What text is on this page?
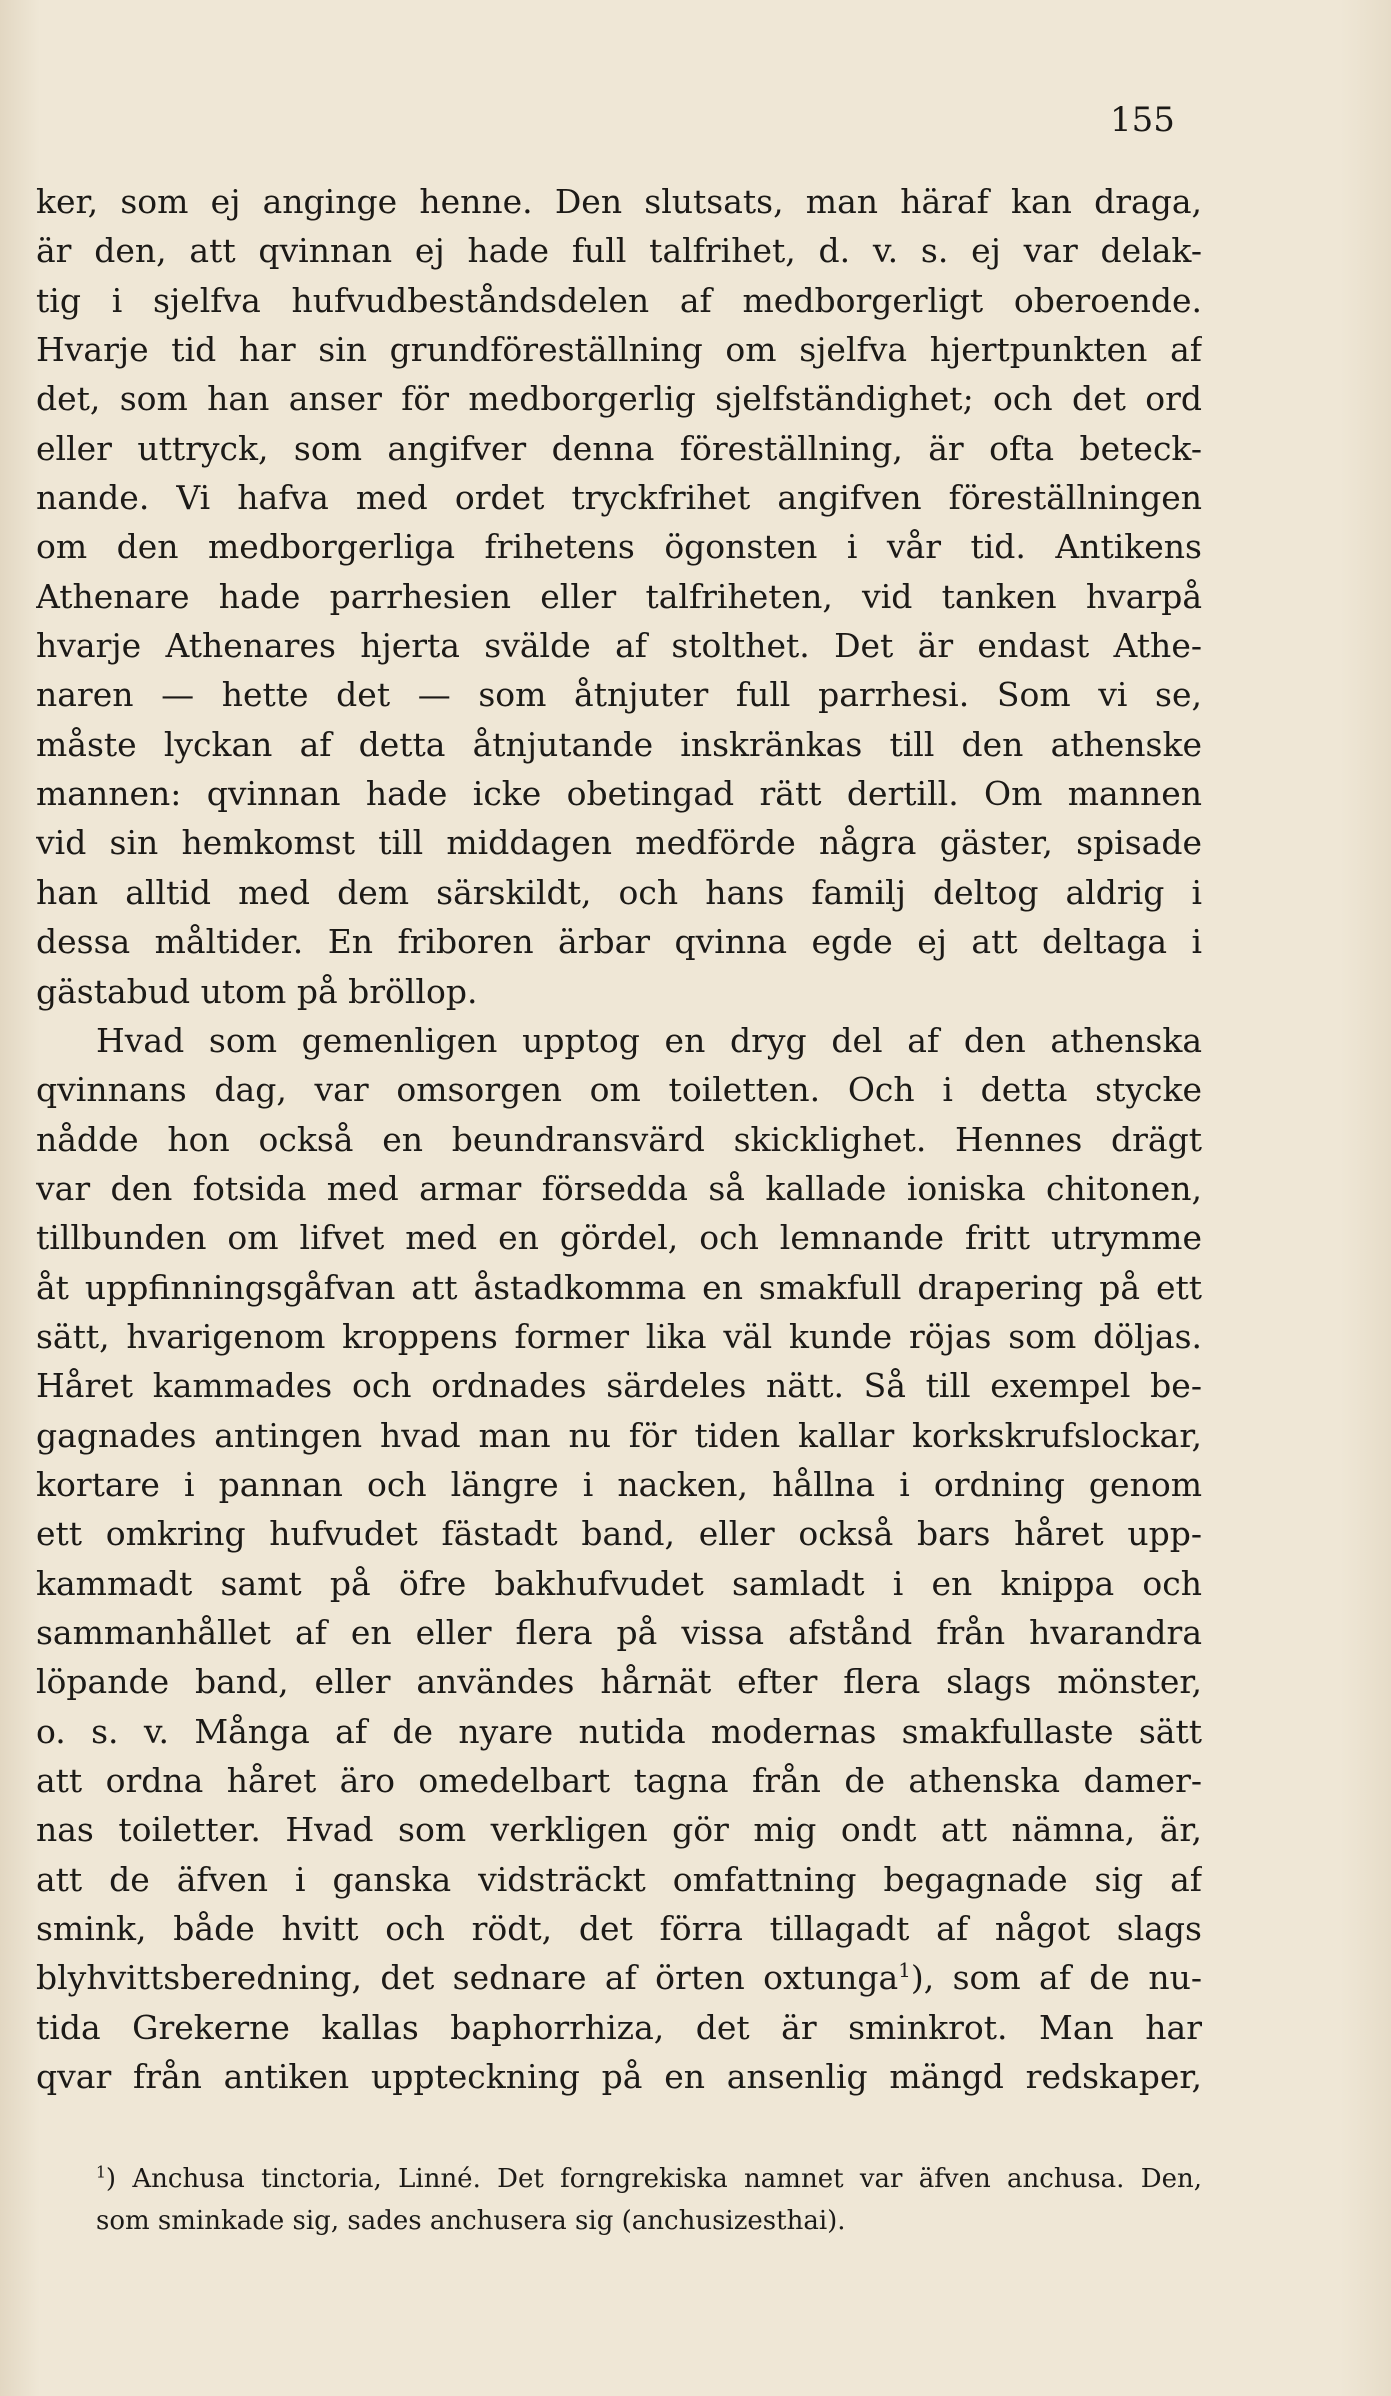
155
ker, som ej anginge henne. Den slutsats, man häraf kan draga,
är den, att qvinnan ej hade full talfrihet, d. v. s. ej var delak-
tig i sjelfva hufvudbeståndsdelen af medborgerligt oberoende.
Hvarje tid har sin grundföreställning om sjelfva hjertpunkten af
det, som han anser för medborgerlig sjelfständighet; och det ord
eller uttryck, som angifver denna föreställning, är ofta beteck-
nande. Vi hafva med ordet tryckfrihet angifven föreställningen
om den medborgerliga frihetens ögonsten i vår tid. Antikens
Athenare hade parrhesien eller talfriheten, vid tanken hvarpå
hvarje Athenares hjerta svälde af stolthet. Det är endast Athe-
naren — hette det — som åtnjuter full parrhesi. Som vi se,
måste lyckan af detta åtnjutande inskränkas till den athenske
mannen: qvinnan hade icke obetingad rätt dertill. Om mannen
vid sin hemkomst till middagen medförde några gäster, spisade
han alltid med dem särskildt, och hans familj deltog aldrig i
dessa måltider. En friboren ärbar qvinna egde ej att deltaga i
gästabud utom på bröllop.
Hvad som gemenligen upptog en dryg del af den athenska
qvinnans dag, var omsorgen om toiletten. Och i detta stycke
nådde hon också en beundransvärd skicklighet. Hennes drägt
var den fotsida med armar försedda så kallade ioniska chitonen,
tillbunden om lifvet med en gördel, och lemnande fritt utrymme
åt uppfinningsgåfvan att åstadkomma en smakfull drapering på ett
sätt, hvarigenom kroppens former lika väl kunde röjas som döljas.
Håret kammades och ordnades särdeles nätt. Så till exempel be-
gagnades antingen hvad man nu för tiden kallar korkskrufslockar,
kortare i pannan och längre i nacken, hållna i ordning genom
ett omkring hufvudet fästadt band, eller också bars håret upp-
kammadt samt på öfre bakhufvudet samladt i en knippa och
sammanhållet af en eller flera på vissa afstånd från hvarandra
löpande band, eller användes hårnät efter flera slags mönster,
o. s. v. Många af de nyare nutida modernas smakfullaste sätt
att ordna håret äro omedelbart tagna från de athenska damer-
nas toiletter. Hvad som verkligen gör mig ondt att nämna, är,
att de äfven i ganska vidsträckt omfattning begagnade sig af
smink, både hvitt och rödt, det förra tillagadt af något slags
blyhvittsberedning, det sednare af örten oxtunga$^1$), som af de nu-
tida Grekerne kallas baphorrhiza, det är sminkrot. Man har
qvar från antiken uppteckning på en ansenlig mängd redskaper,
$^1$) Anchusa tinctoria, Linné. Det forngrekiska namnet var äfven anchusa. Den,
som sminkade sig, sades anchusera sig (anchusizesthai).
